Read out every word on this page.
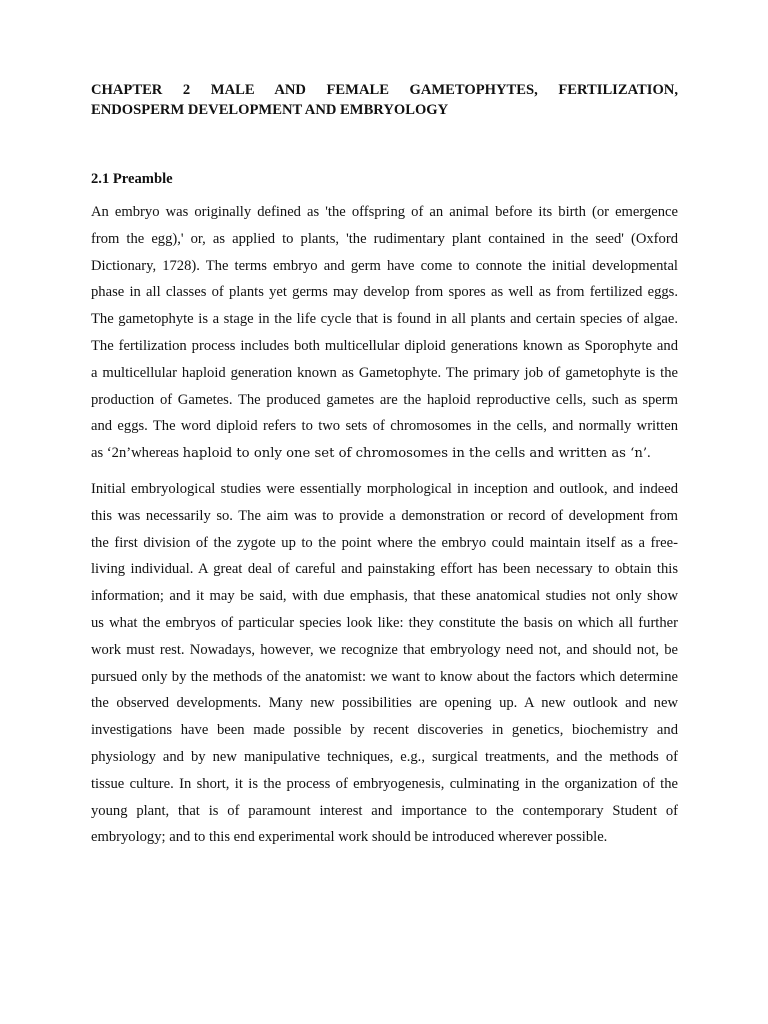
CHAPTER 2 MALE AND FEMALE GAMETOPHYTES, FERTILIZATION,
ENDOSPERM DEVELOPMENT AND EMBRYOLOGY
2.1 Preamble

An embryo was originally defined as 'the offspring of an animal before its birth (or emergence
from the egg),' or, as applied to plants, 'the rudimentary plant contained in the seed' (Oxford
Dictionary, 1728). The terms embryo and germ have come to connote the initial developmental
phase in all classes of plants yet germs may develop from spores as well as from fertilized eggs.
The gametophyte is a stage in the life cycle that is found in all plants and certain species of algae.
The fertilization process includes both multicellular diploid generations known as Sporophyte and
a multicellular haploid generation known as Gametophyte. The primary job of gametophyte is the
production of Gametes. The produced gametes are the haploid reproductive cells, such as sperm
and eggs. The word diploid refers to two sets of chromosomes in the cells, and normally written
as ‘2n’whereas haploid to only one set of chromosomes in the cells and written as ‘n’.

Initial embryological studies were essentially morphological in inception and outlook, and indeed
this was necessarily so. The aim was to provide a demonstration or record of development from
the first division of the zygote up to the point where the embryo could maintain itself as a free-
living individual. A great deal of careful and painstaking effort has been necessary to obtain this
information; and it may be said, with due emphasis, that these anatomical studies not only show
us what the embryos of particular species look like: they constitute the basis on which all further
work must rest. Nowadays, however, we recognize that embryology need not, and should not, be
pursued only by the methods of the anatomist: we want to know about the factors which determine
the observed developments. Many new possibilities are opening up. A new outlook and new
investigations have been made possible by recent discoveries in genetics, biochemistry and
physiology and by new manipulative techniques, e.g., surgical treatments, and the methods of
tissue culture. In short, it is the process of embryogenesis, culminating in the organization of the
young plant, that is of paramount interest and importance to the contemporary Student of
embryology; and to this end experimental work should be introduced wherever possible.
